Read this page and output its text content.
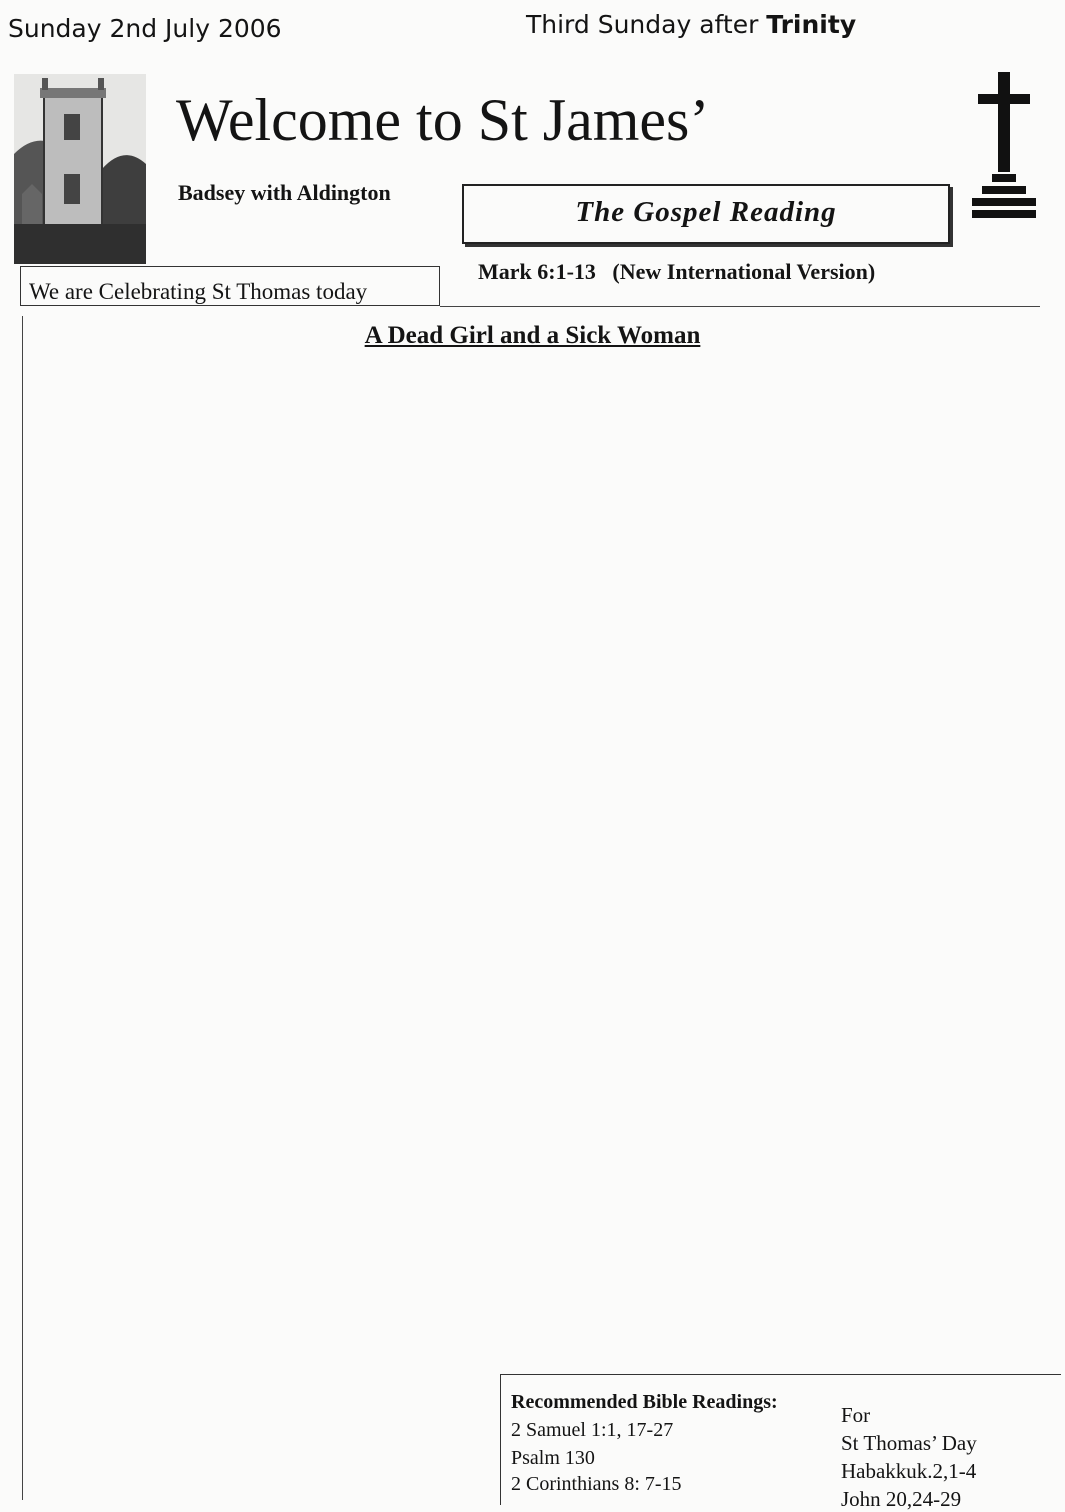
Sunday 2nd July 2006	Third Sunday after Trinity
Welcome to St James’
Badsey with Aldington
The Gospel Reading
We are Celebrating St Thomas today
Mark 6:1-13   (New International Version)
A Dead Girl and a Sick Woman
Recommended Bible Readings:
2 Samuel 1:1, 17-27
Psalm 130
2 Corinthians 8: 7-15
For
St Thomas’ Day
Habakkuk.2,1-4
John 20,24-29
